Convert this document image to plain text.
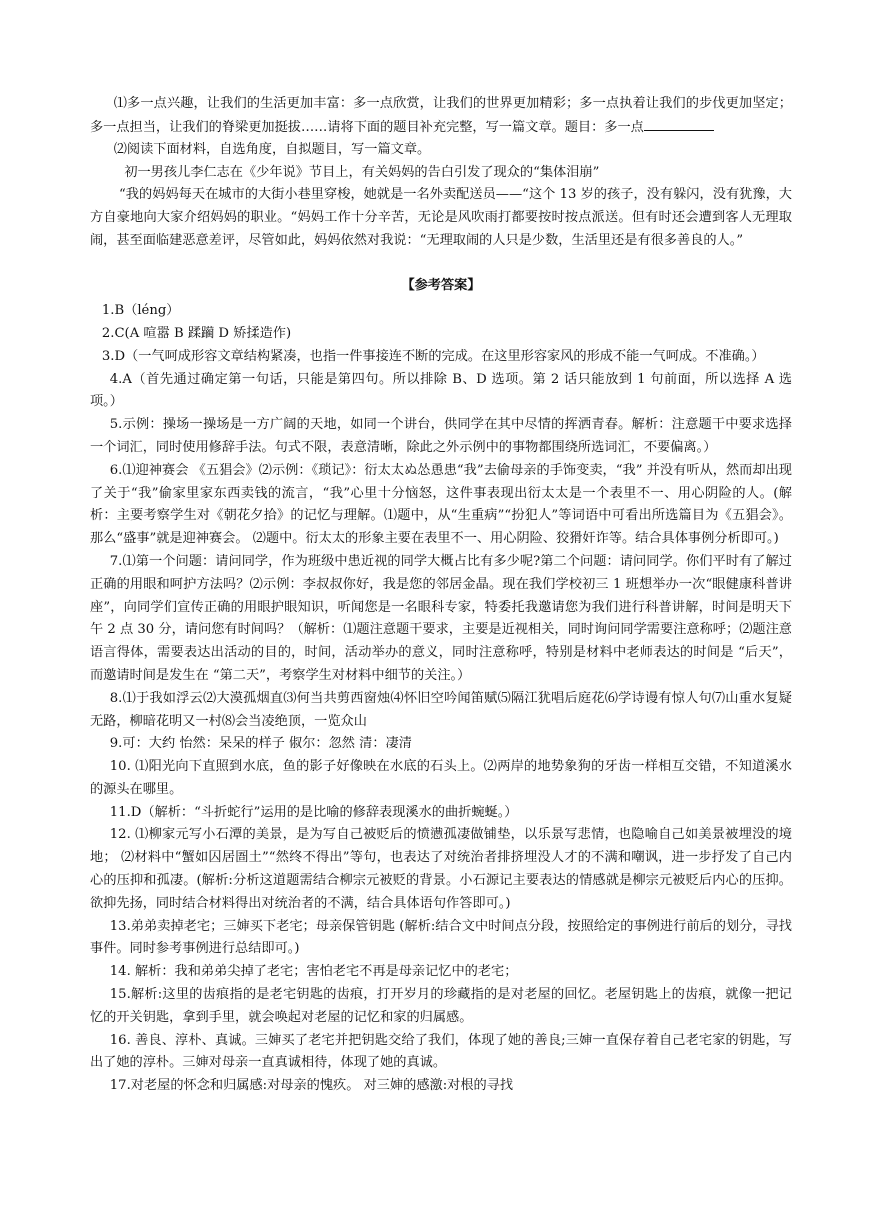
⑴多一点兴趣，让我们的生活更加丰富：多一点欣赏，让我们的世界更加精彩；多一点执着让我们的步伐更加坚定；多一点担当，让我们的脊梁更加挺拔……请将下面的题目补充完整，写一篇文章。题目：多一点

⑵阅读下面材料，自选角度，自拟题目，写一篇文章。

初一男孩儿李仁志在《少年说》节目上，有关妈妈的告白引发了现众的“集体泪崩”

“我的妈妈每天在城市的大街小巷里穿梭，她就是一名外卖配送员——“这个 13 岁的孩子，没有躲闪，没有犹豫，大方自豪地向大家介绍妈妈的职业。“妈妈工作十分辛苦，无论是风吹雨打都要按时按点派送。但有时还会遭到客人无理取闹，甚至面临建恶意差评，尽管如此，妈妈依然对我说：“无理取闹的人只是少数，生活里还是有很多善良的人。”

【参考答案】

1.B（léng）

2.C(A 喧嚣 B 蹂躏 D 矫揉造作)

3.D（一气呵成形容文章结构紧凑，也指一件事接连不断的完成。在这里形容家风的形成不能一气呵成。不准确。）

4.A（首先通过确定第一句话，只能是第四句。所以排除 B、D 选项。第 2 话只能放到 1 句前面，所以选择 A 选项。）

5.示例：操场一操场是一方广阔的天地，如同一个讲台，供同学在其中尽情的挥洒青春。解析：注意题干中要求选择一个词汇，同时使用修辞手法。句式不限，表意清晰，除此之外示例中的事物都围绕所选词汇，不要偏离。）

6.⑴迎神赛会 《五猖会》⑵示例：《琐记》：衍太太ぬ怂恿患“我”去偷母亲的手饰变卖，“我” 并没有听从，然而却出现了关于“我”偷家里家东西卖钱的流言，“我”心里十分恼怒，这件事表现出衍太太是一个表里不一、用心阴险的人。(解析：主要考察学生对《朝花夕拾》的记忆与理解。⑴题中，从“生重病”“扮犯人”等词语中可看出所选篇目为《五猖会》。那么“盛事”就是迎神赛会。 ⑵题中。衍太太的形象主要在表里不一、用心阴险、狡猾奸诈等。结合具体事例分析即可。)

7.⑴第一个问题：请问同学，作为班级中患近视的同学大概占比有多少呢?第二个问题：请问同学。你们平时有了解过正确的用眼和呵护方法吗？⑵示例：李叔叔你好，我是您的邻居金晶。现在我们学校初三 1 班想举办一次“眼健康科普讲座”，向同学们宣传正确的用眼护眼知识，听闻您是一名眼科专家，特委托我邀请您为我们进行科普讲解，时间是明天下午 2 点 30 分，请问您有时间吗？（解析：⑴题注意题干要求，主要是近视相关，同时询问同学需要注意称呼；⑵题注意语言得体，需要表达出活动的目的，时间，活动举办的意义，同时注意称呼，特别是材料中老师表达的时间是 “后天”，而邀请时间是发生在 “第二天”，考察学生对材料中细节的关注。）

8.⑴于我如浮云⑵大漠孤烟直⑶何当共剪西窗烛⑷怀旧空吟闻笛赋⑸隔江犹唱后庭花⑹学诗谩有惊人句⑺山重水复疑无路，柳暗花明又一村⑻会当凌绝顶，一览众山

9.可：大约 怡然：呆呆的样子 俶尔：忽然 清：凄清

10. ⑴阳光向下直照到水底，鱼的影子好像映在水底的石头上。⑵两岸的地势象狗的牙齿一样相互交错，不知道溪水的源头在哪里。

11.D（解析：“斗折蛇行”运用的是比喻的修辞表现溪水的曲折蜿蜒。）

12. ⑴柳家元写小石潭的美景，是为写自己被贬后的愤懑孤凄做铺垫，以乐景写悲情，也隐喻自己如美景被埋没的境地； ⑵材料中“蟹如囚居圄土”“然终不得出”等句，也表达了对统治者排挤埋没人才的不满和嘲讽，进一步抒发了自己内心的压抑和孤凄。(解析:分析这道题需结合柳宗元被贬的背景。小石源记主要表达的情感就是柳宗元被贬后内心的压抑。欲抑先扬，同时结合材料得出对统治者的不满，结合具体语句作答即可。)

13.弟弟卖掉老宅；三婶买下老宅；母亲保管钥匙 (解析:结合文中时间点分段，按照给定的事例进行前后的划分，寻找事件。同时参考事例进行总结即可。)

14. 解析：我和弟弟尖掉了老宅；害怕老宅不再是母亲记忆中的老宅；

15.解析:这里的齿痕指的是老宅钥匙的齿痕，打开岁月的珍藏指的是对老屋的回忆。老屋钥匙上的齿痕，就像一把记忆的开关钥匙，拿到手里，就会唤起对老屋的记忆和家的归属感。

16. 善良、淳朴、真诚。三婶买了老宅并把钥匙交给了我们，体现了她的善良;三婶一直保存着自己老宅家的钥匙，写出了她的淳朴。三婶对母亲一直真诚相待，体现了她的真诚。

17.对老屋的怀念和归属感:对母亲的愧疚。 对三婶的感激:对根的寻找
